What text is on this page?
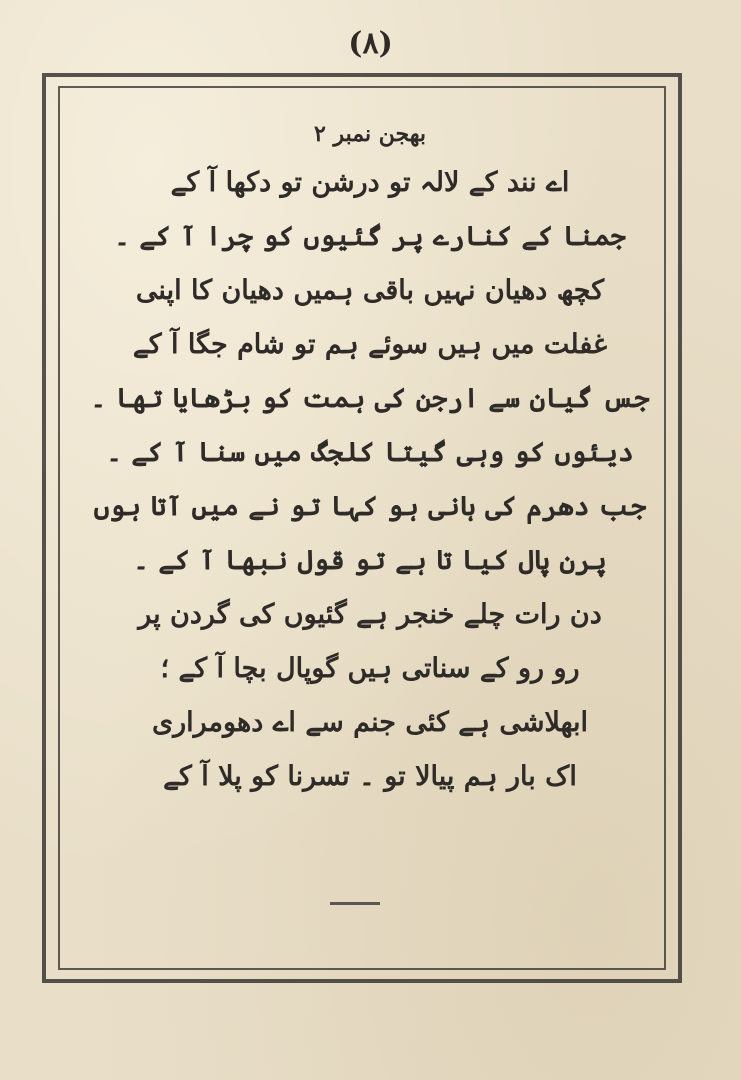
(٨)
بھجن نمبر ۲
اے نند کے لالہ تو درشن تو دکھا آ کے
جمنا کے کنارے پر گئیوں کو چرا آ کے ۔
کچھ دھیان نہیں باقی ہمیں دھیان کا اپنی
غفلت میں ہیں سوئے ہم تو شام جگا آ کے
جس گیان سے ارجن کی ہمت کو بڑھایا تھا ۔
دیئوں کو وہی گیتا کلجگ میں سنا آ کے ۔
جب دھرم کی ہانی ہو کہا تو نے میں آتا ہوں
پرن پال کیا تا ہے تو قول نبھا آ کے ۔
دن رات چلے خنجر ہے گئیوں کی گردن پر
رو رو کے سناتی ہیں گوپال بچا آ کے ؛
ابھلاشی ہے کئی جنم سے اے دھومراری
اک بار ہم پیالا تو ۔ تسرنا کو پلا آ کے
